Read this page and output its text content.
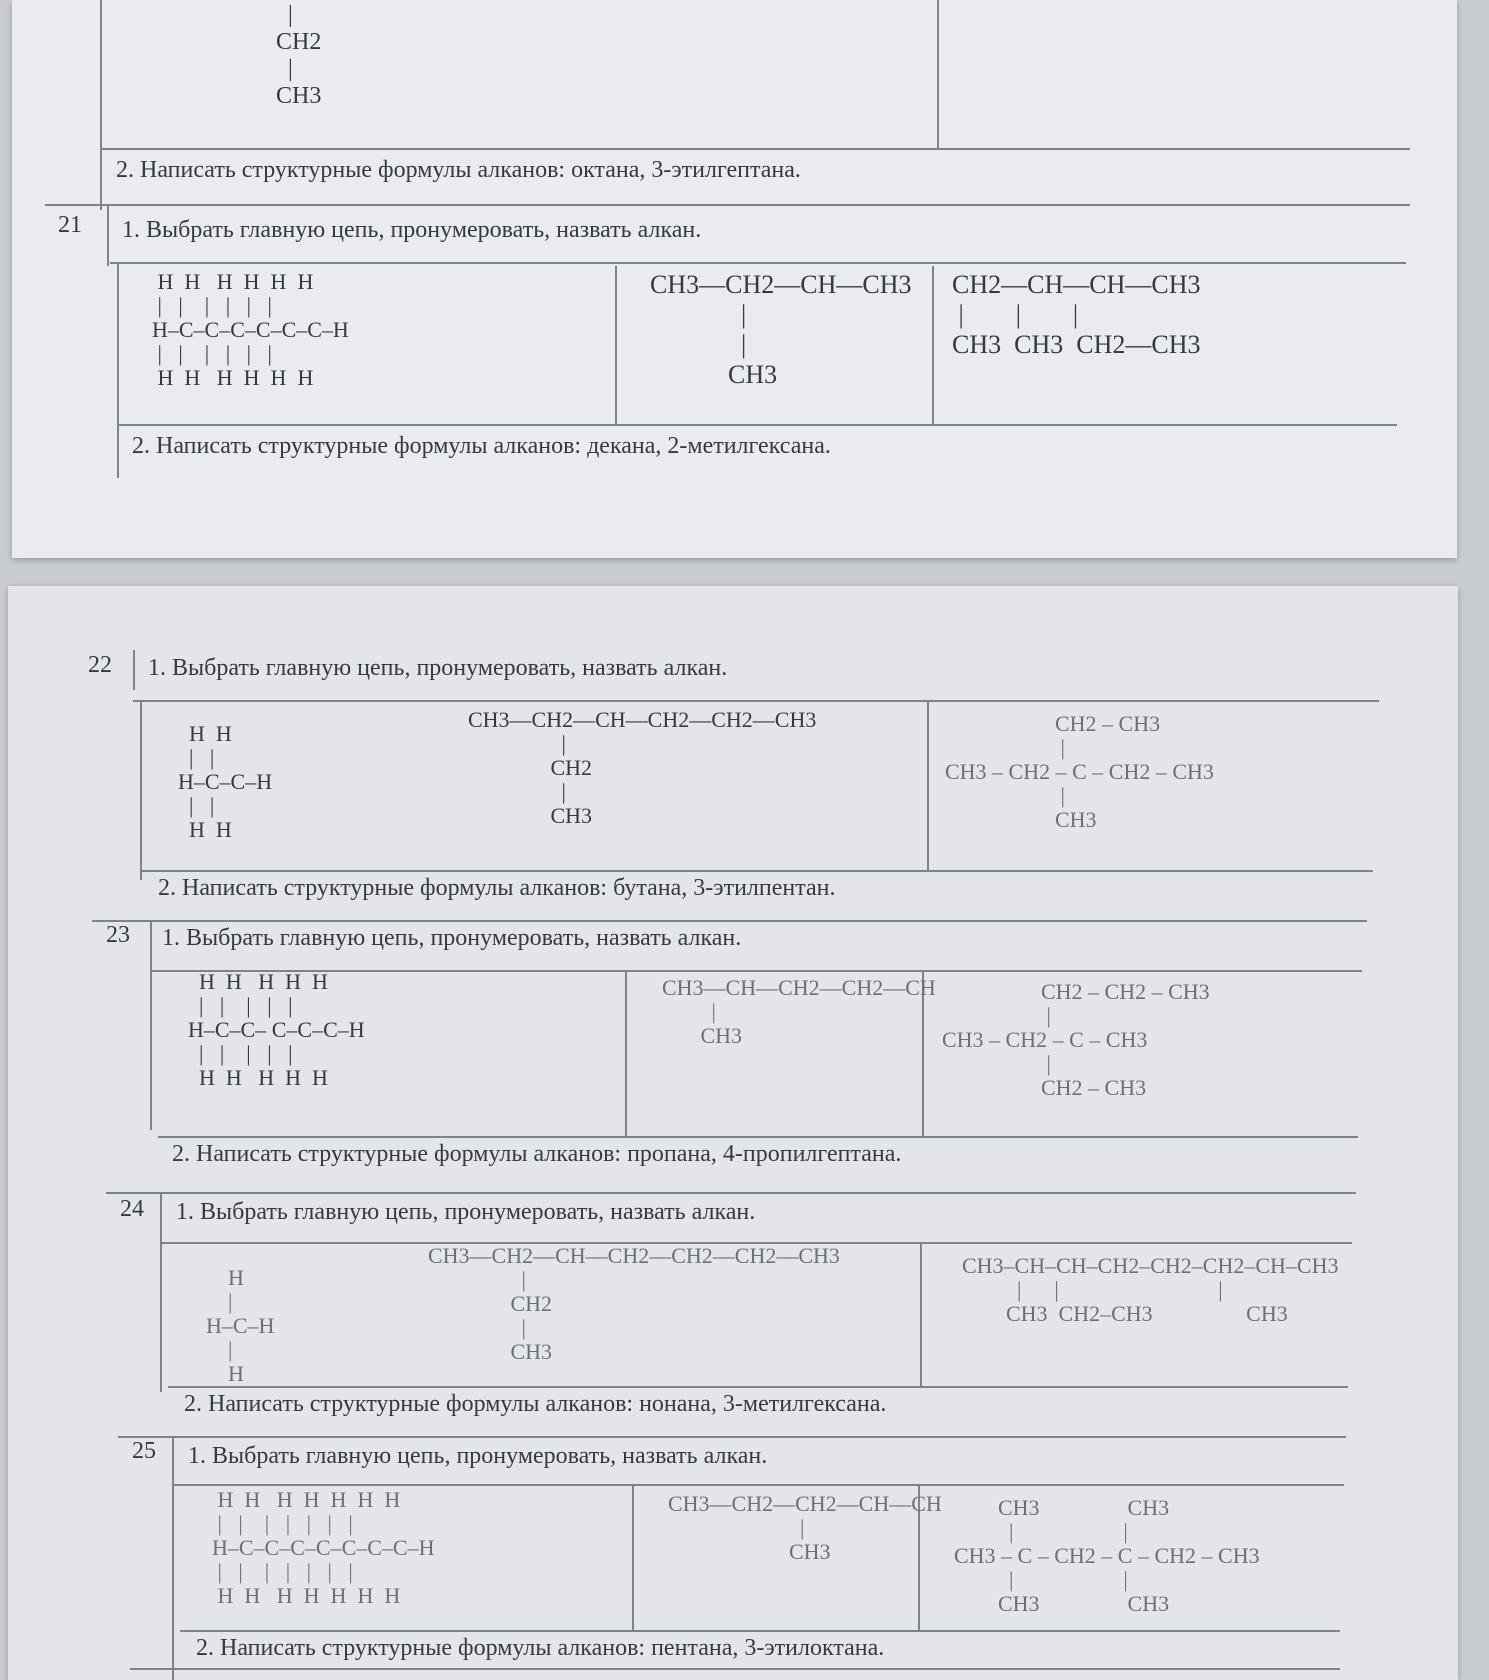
|
CH2
|
CH3
2. Написать структурные формулы алканов: октана, 3-этилгептана.
21 1. Выбрать главную цепь, пронумеровать, назвать алкан.
H  H   H  H  H  H
|   |    |   |   |   |
H–C–C–C–C–C–C–H
|   |    |   |   |   |
H  H   H  H  H  H
CH3—CH2—CH—CH3
|
|
CH3
CH2—CH—CH—CH3
|        |        |
CH3  CH3  CH2—CH3
2. Написать структурные формулы алканов: декана, 2-метилгексана.
22 1. Выбрать главную цепь, пронумеровать, назвать алкан.
H  H
|   |
H–C–C–H
|   |
H  H
CH3—CH2—CH—CH2—CH2—CH3
|
CH2
|
CH3
CH2 – CH3
|
CH3 – CH2 – C – CH2 – CH3
|
CH3
2. Написать структурные формулы алканов: бутана, 3-этилпентан.
23 1. Выбрать главную цепь, пронумеровать, назвать алкан.
H  H   H  H  H
|   |    |   |   |
H–C–C– C–C–C–H
|   |    |   |   |
H  H   H  H  H
CH3—CH—CH2—CH2—CH
|
CH3
CH2 – CH2 – CH3
|
CH3 – CH2 – C – CH3
|
CH2 – CH3
2. Написать структурные формулы алканов: пропана, 4-пропилгептана.
24 1. Выбрать главную цепь, пронумеровать, назвать алкан.
H
|
H–C–H
|
H
CH3—CH2—CH—CH2—CH2—CH2—CH3
|
CH2
|
CH3
CH3–CH–CH–CH2–CH2–CH2–CH–CH3
|      |                             |
CH3  CH2–CH3                 CH3
2. Написать структурные формулы алканов: нонана, 3-метилгексана.
25 1. Выбрать главную цепь, пронумеровать, назвать алкан.
H  H   H  H  H  H  H
|   |    |   |   |   |   |
H–C–C–C–C–C–C–C–H
|   |    |   |   |   |   |
H  H   H  H  H  H  H
CH3—CH2—CH2—CH—CH
|
CH3
CH3                CH3
|                    |
CH3 – C – CH2 – C – CH2 – CH3
|                    |
CH3                CH3
2. Написать структурные формулы алканов: пентана, 3-этилоктана.
